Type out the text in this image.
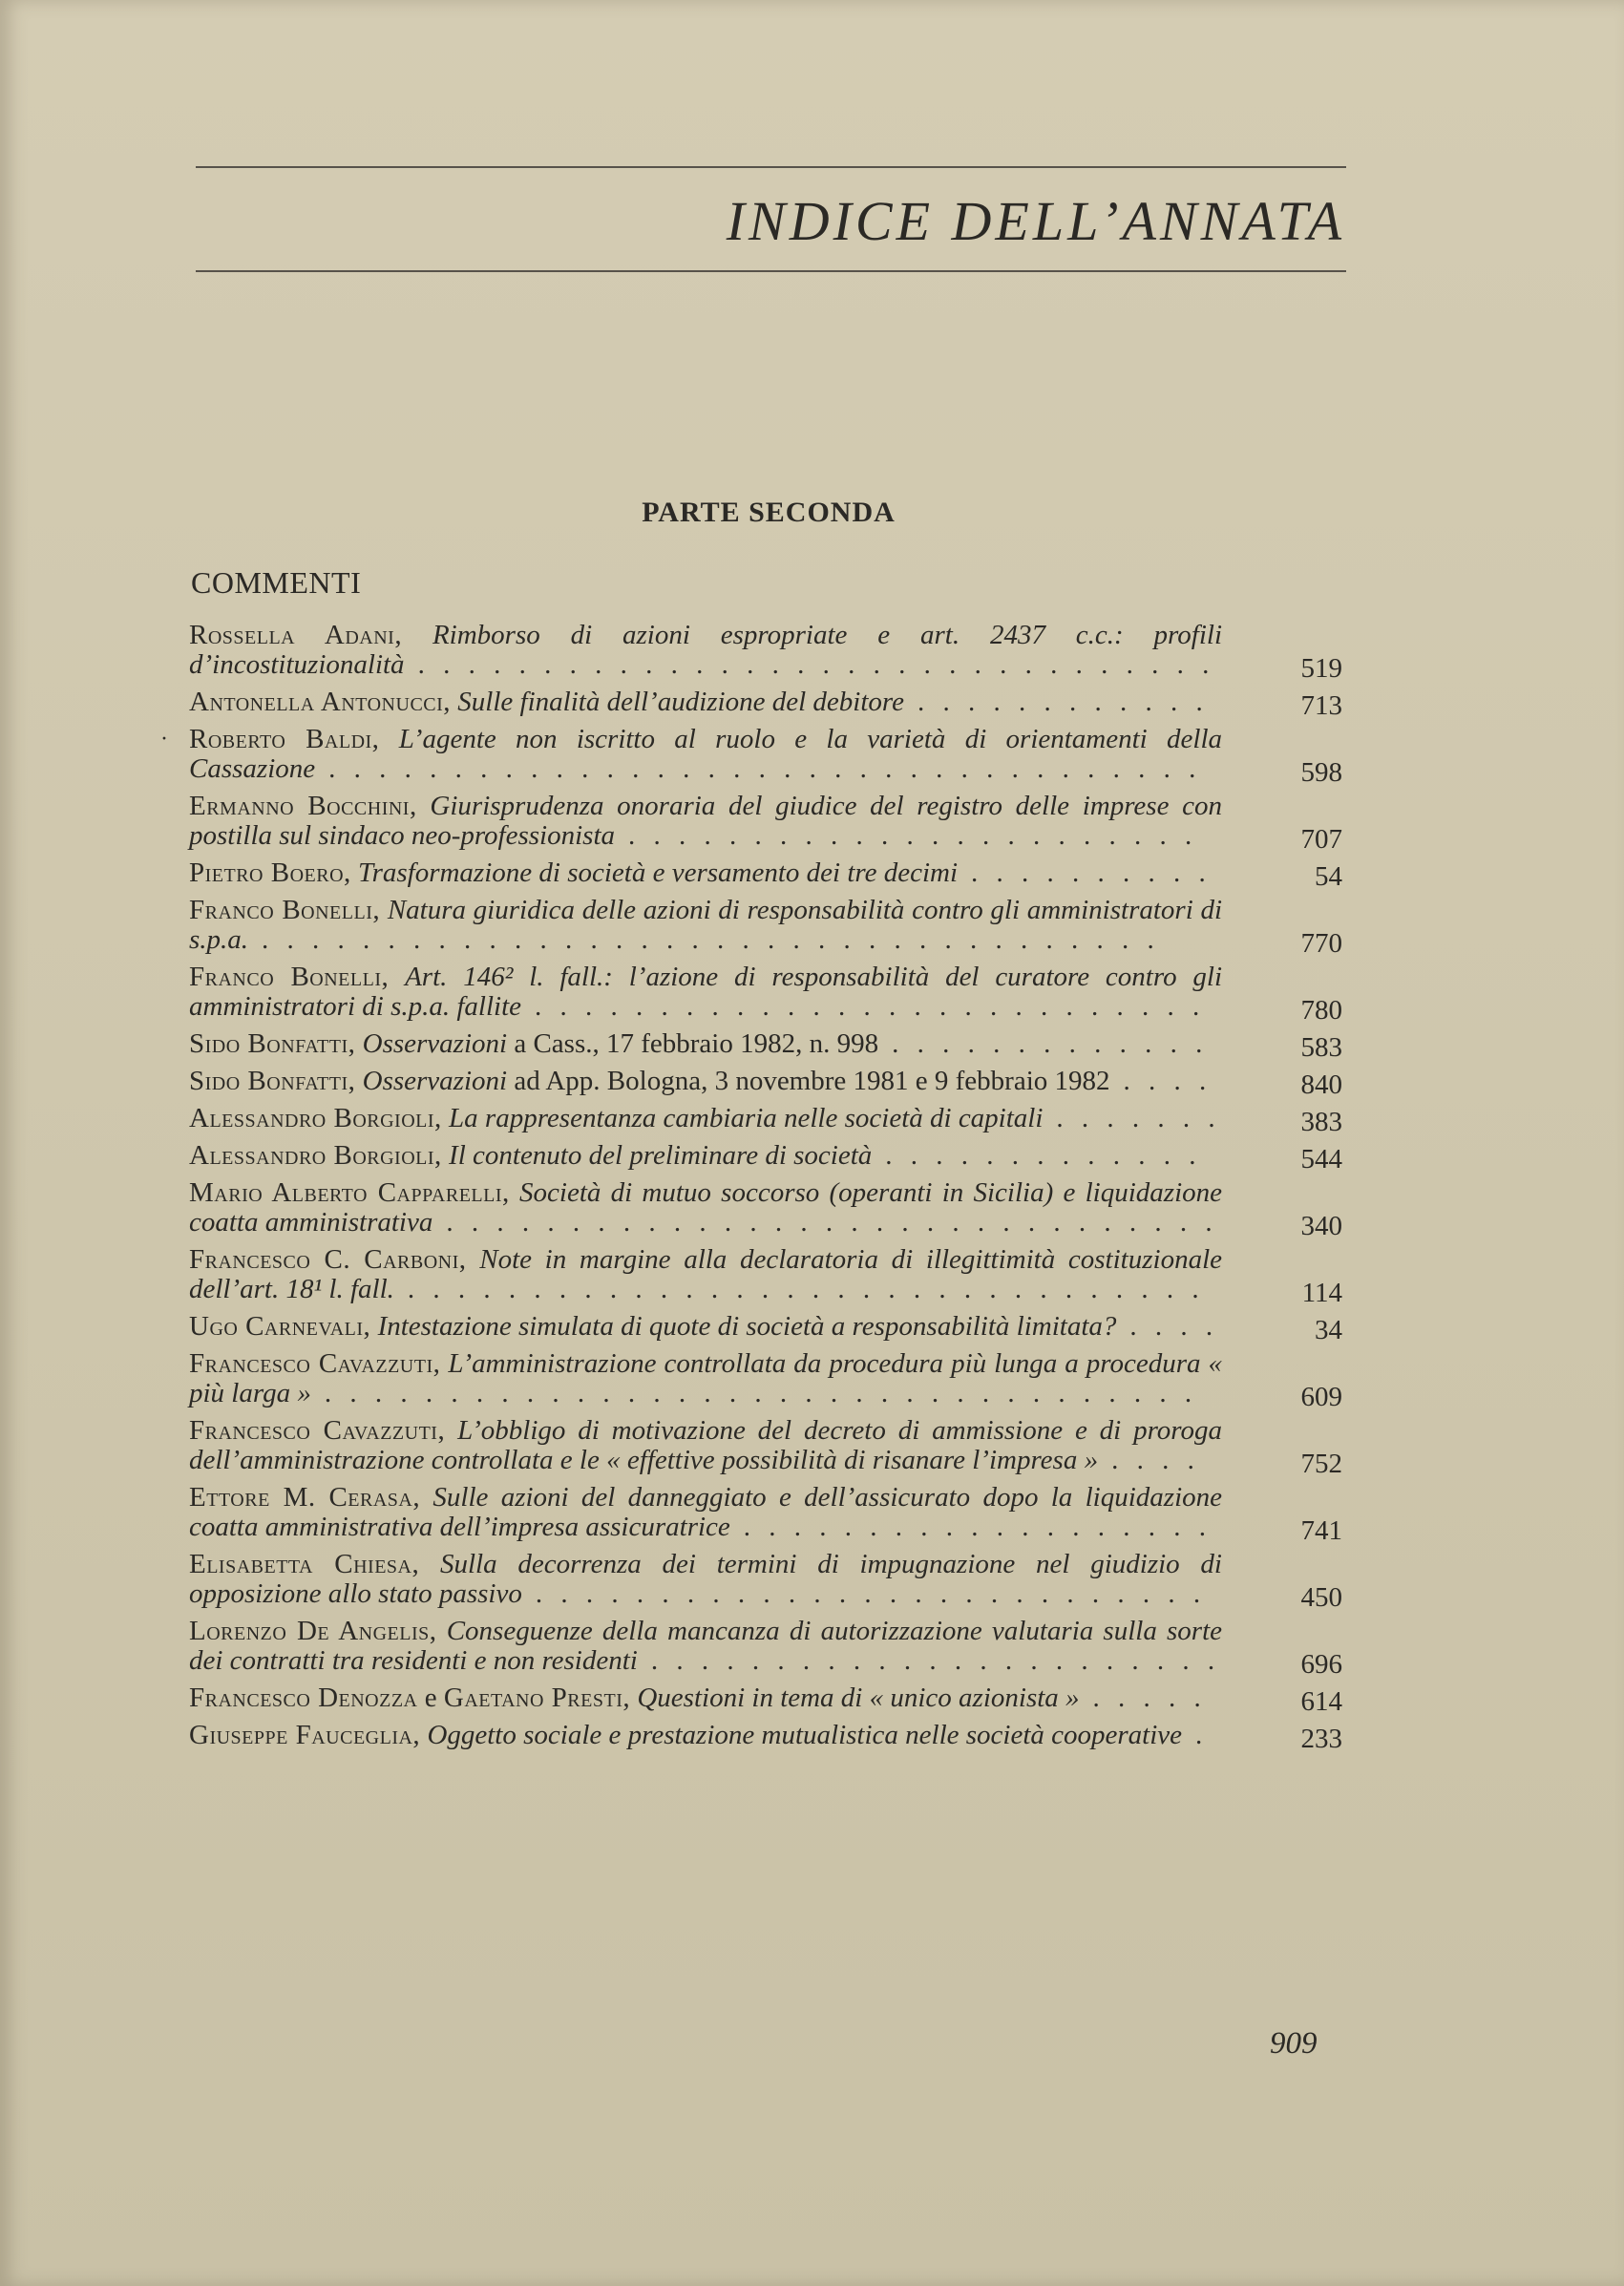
INDICE DELL’ANNATA
PARTE SECONDA
COMMENTI
Rossella Adani, Rimborso di azioni espropriate e art. 2437 c.c.: profili d’incostituzionalità . . . . . . . . . . . . . . . . . . . . . . . . . . . . . . . .	519
Antonella Antonucci, Sulle finalità dell’audizione del debitore . . . . . . . . . . . .	713
· Roberto Baldi, L’agente non iscritto al ruolo e la varietà di orientamenti della Cassazione . . . . . . . . . . . . . . . . . . . . . . . . . . . . . . . . . . .	598
Ermanno Bocchini, Giurisprudenza onoraria del giudice del registro delle imprese con postilla sul sindaco neo-professionista . . . . . . . . . . . . . . . . . . . . . . .	707
Pietro Boero, Trasformazione di società e versamento dei tre decimi . . . . . . . . . .	54
Franco Bonelli, Natura giuridica delle azioni di responsabilità contro gli amministratori di s.p.a. . . . . . . . . . . . . . . . . . . . . . . . . . . . . . . . . . . . .	770
Franco Bonelli, Art. 146² l. fall.: l’azione di responsabilità del curatore contro gli amministratori di s.p.a. fallite . . . . . . . . . . . . . . . . . . . . . . . . . . .	780
Sido Bonfatti, Osservazioni a Cass., 17 febbraio 1982, n. 998 . . . . . . . . . . . . .	583
Sido Bonfatti, Osservazioni ad App. Bologna, 3 novembre 1981 e 9 febbraio 1982 . . . .	840
Alessandro Borgioli, La rappresentanza cambiaria nelle società di capitali . . . . . . .	383
Alessandro Borgioli, Il contenuto del preliminare di società . . . . . . . . . . . . .	544
Mario Alberto Capparelli, Società di mutuo soccorso (operanti in Sicilia) e liquidazione coatta amministrativa . . . . . . . . . . . . . . . . . . . . . . . . . . . . . . .	340
Francesco C. Carboni, Note in margine alla declaratoria di illegittimità costituzionale dell’art. 18¹ l. fall. . . . . . . . . . . . . . . . . . . . . . . . . . . . . . . . .	114
Ugo Carnevali, Intestazione simulata di quote di società a responsabilità limitata? . . . .	34
Francesco Cavazzuti, L’amministrazione controllata da procedura più lunga a procedura « più larga » . . . . . . . . . . . . . . . . . . . . . . . . . . . . . . . . . . .	609
Francesco Cavazzuti, L’obbligo di motivazione del decreto di ammissione e di proroga dell’amministrazione controllata e le « effettive possibilità di risanare l’impresa » . . . .	752
Ettore M. Cerasa, Sulle azioni del danneggiato e dell’assicurato dopo la liquidazione coatta amministrativa dell’impresa assicuratrice . . . . . . . . . . . . . . . . . . .	741
Elisabetta Chiesa, Sulla decorrenza dei termini di impugnazione nel giudizio di opposizione allo stato passivo . . . . . . . . . . . . . . . . . . . . . . . . . . .	450
Lorenzo De Angelis, Conseguenze della mancanza di autorizzazione valutaria sulla sorte dei contratti tra residenti e non residenti . . . . . . . . . . . . . . . . . . . . . . .	696
Francesco Denozza e Gaetano Presti, Questioni in tema di « unico azionista » . . . . .	614
Giuseppe Fauceglia, Oggetto sociale e prestazione mutualistica nelle società cooperative .	233
909
